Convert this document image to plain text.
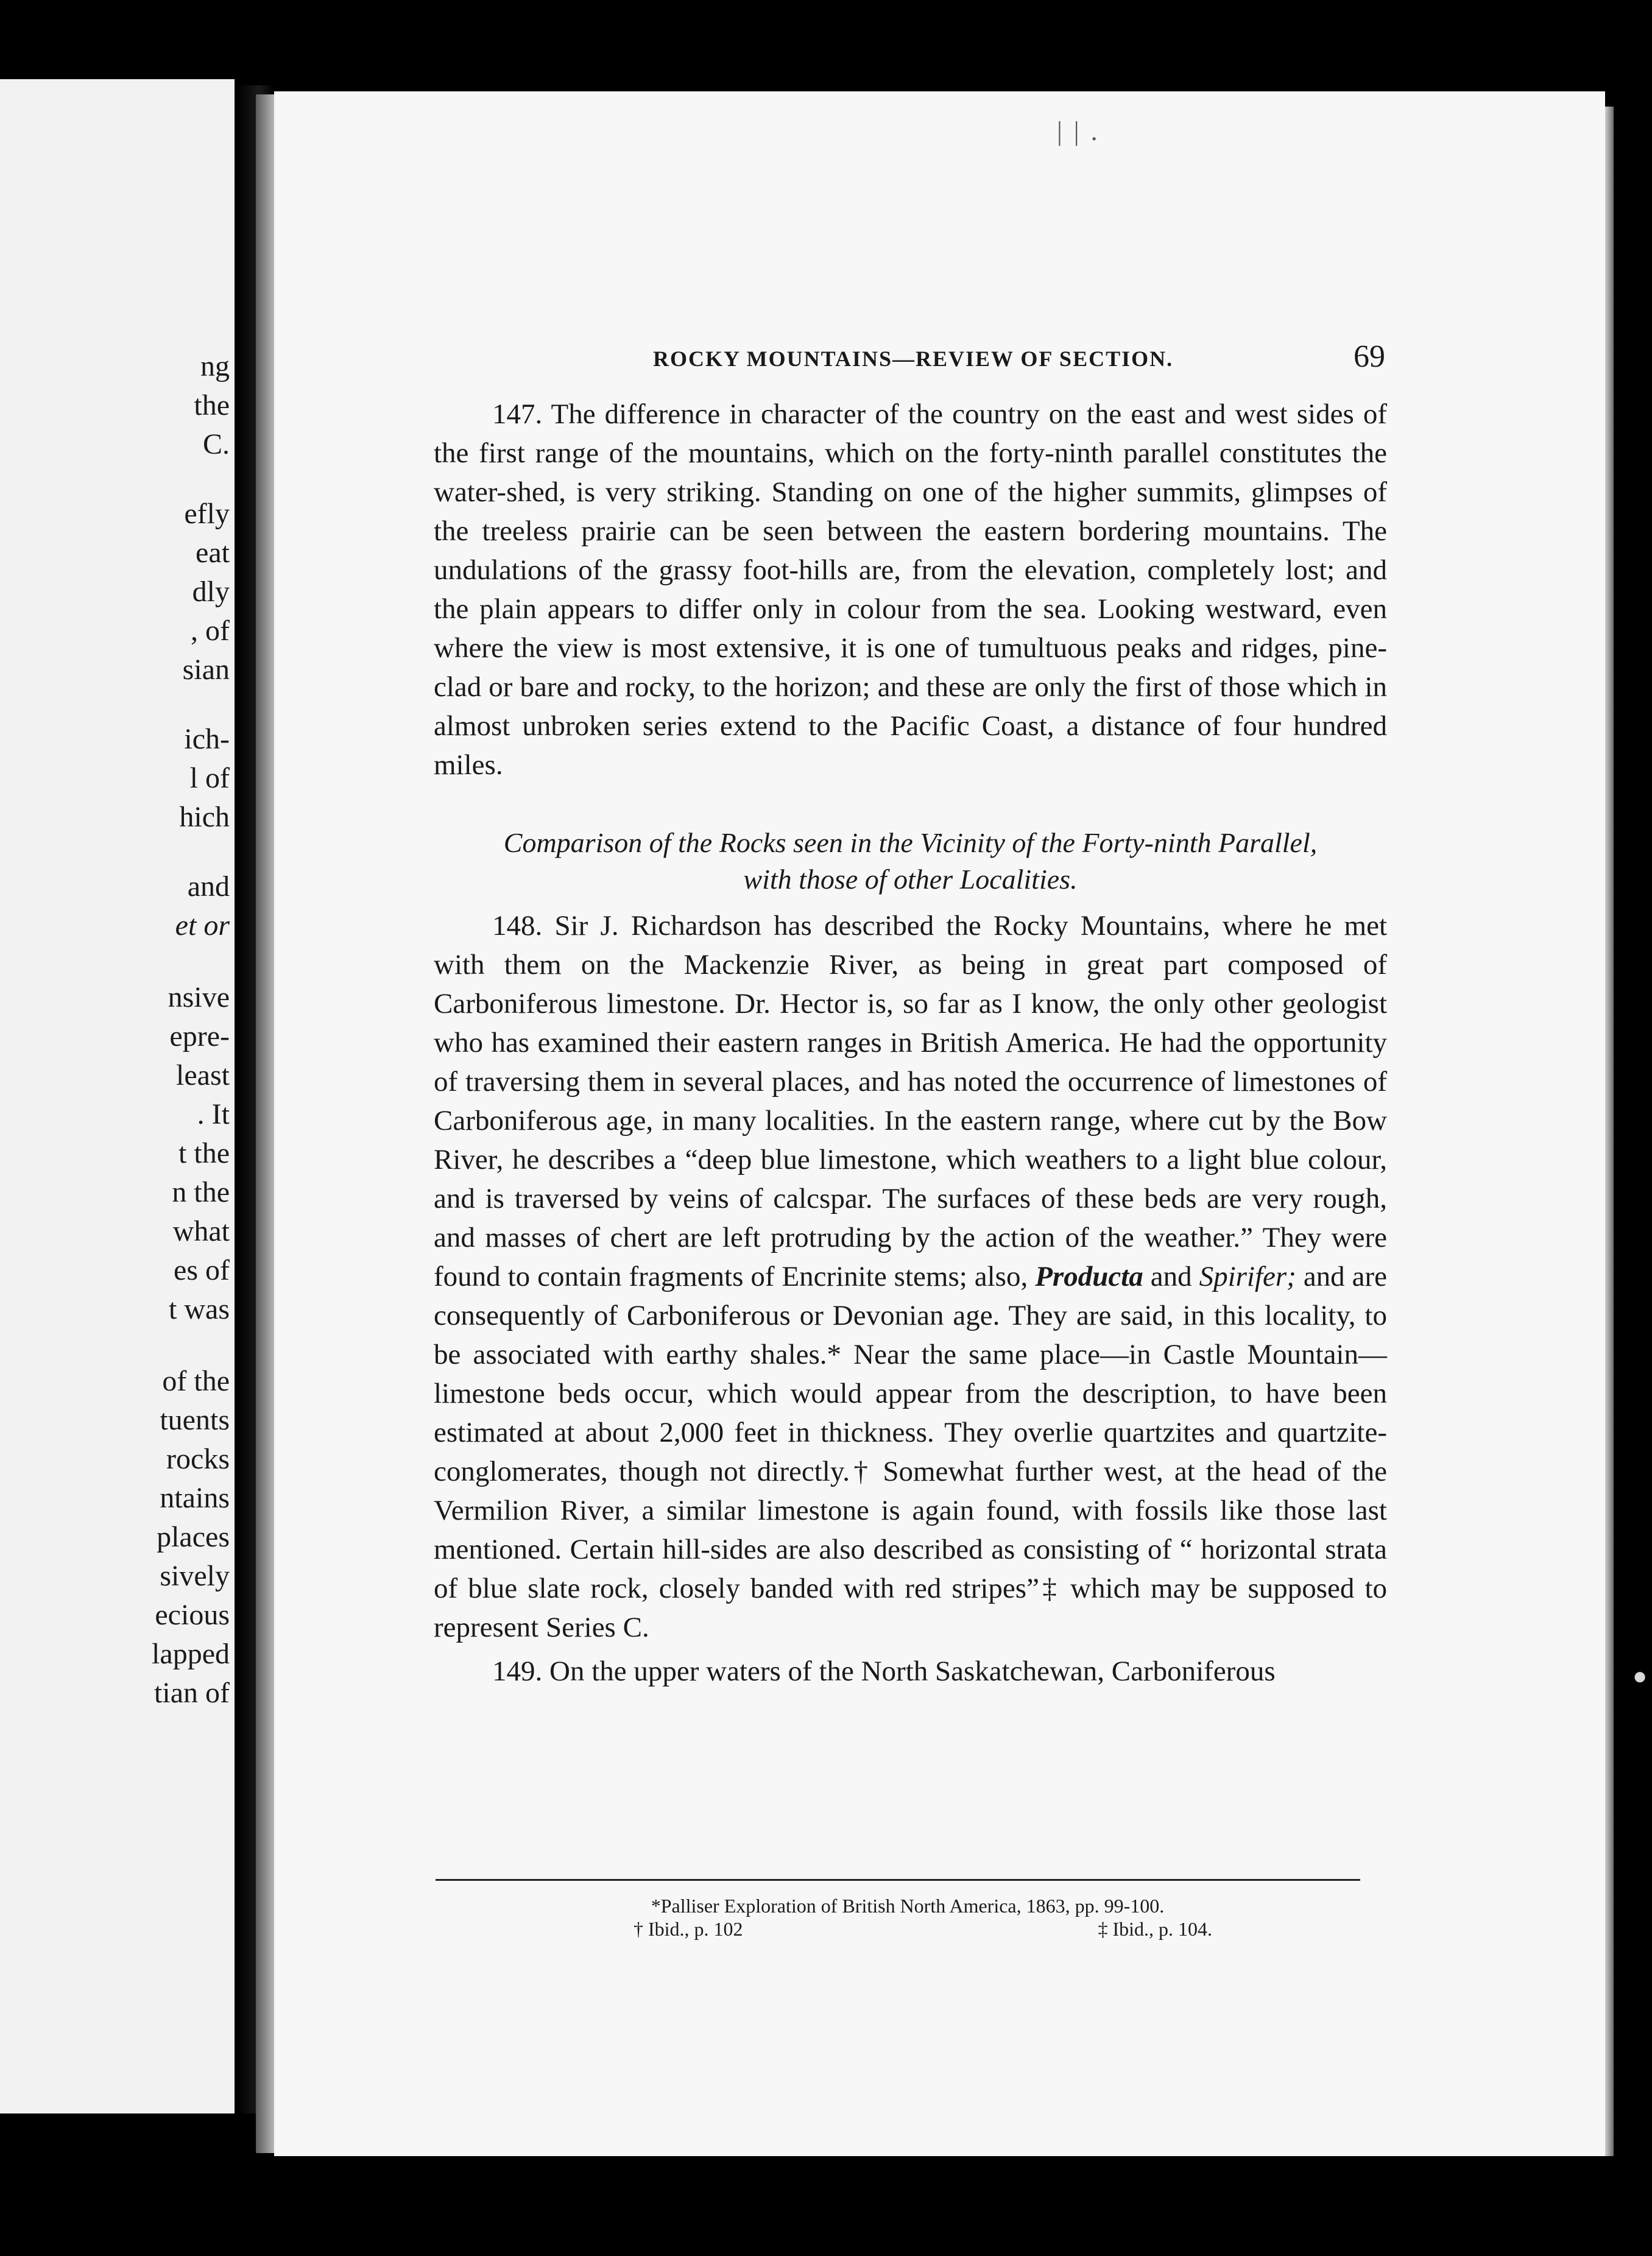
ng
the
C.
efly
eat
dly
, of
sian
ich-
l of
hich
and
et or
nsive
epre-
least
. It
t the
n the
what
es of
t was
of the
tuents
rocks
ntains
places
sively
ecious
lapped
tian of
| | .
ROCKY MOUNTAINS—REVIEW OF SECTION.	69

147. The difference in character of the country on the east and west sides of the first range of the mountains, which on the forty-ninth parallel constitutes the water-shed, is very striking. Standing on one of the higher summits, glimpses of the treeless prairie can be seen between the eastern bordering mountains. The undulations of the grassy foot-hills are, from the elevation, completely lost; and the plain appears to differ only in colour from the sea. Looking westward, even where the view is most extensive, it is one of tumultuous peaks and ridges, pine-clad or bare and rocky, to the horizon; and these are only the first of those which in almost unbroken series extend to the Pacific Coast, a distance of four hundred miles.

Comparison of the Rocks seen in the Vicinity of the Forty-ninth Parallel,
with those of other Localities.

148. Sir J. Richardson has described the Rocky Mountains, where he met with them on the Mackenzie River, as being in great part composed of Carboniferous limestone. Dr. Hector is, so far as I know, the only other geologist who has examined their eastern ranges in British America. He had the opportunity of traversing them in several places, and has noted the occurrence of limestones of Carboniferous age, in many localities. In the eastern range, where cut by the Bow River, he describes a “deep blue limestone, which weathers to a light blue colour, and is traversed by veins of calcspar. The surfaces of these beds are very rough, and masses of chert are left protruding by the action of the weather.” They were found to contain fragments of Encrinite stems; also, Producta and Spirifer; and are consequently of Carboniferous or Devonian age. They are said, in this locality, to be associated with earthy shales.* Near the same place—in Castle Mountain—limestone beds occur, which would appear from the description, to have been estimated at about 2,000 feet in thickness. They overlie quartzites and quartzite-conglomerates, though not directly.† Somewhat further west, at the head of the Vermilion River, a similar limestone is again found, with fossils like those last mentioned. Certain hill-sides are also described as consisting of “ horizontal strata of blue slate rock, closely banded with red stripes”‡ which may be supposed to represent Series C.

149. On the upper waters of the North Saskatchewan, Carboniferous

*Palliser Exploration of British North America, 1863, pp. 99-100.
† Ibid., p. 102	‡ Ibid., p. 104.
●
